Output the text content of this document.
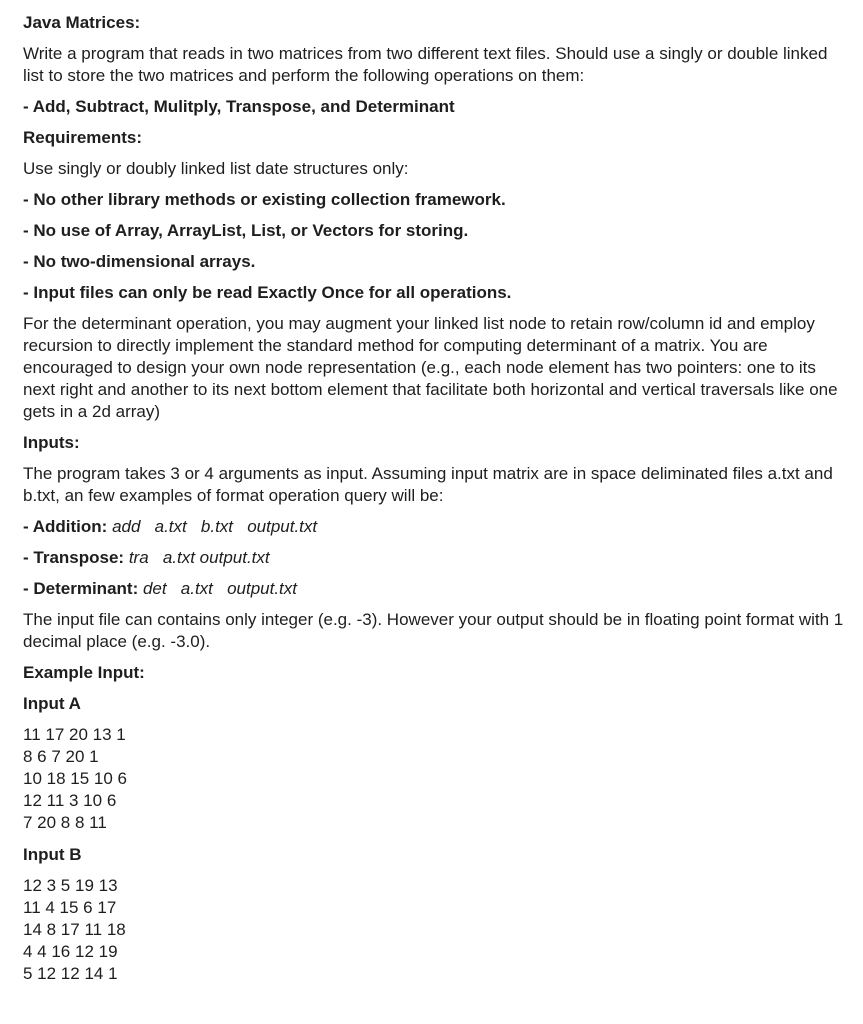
Java Matrices:
Write a program that reads in two matrices from two different text files. Should use a singly or double linked list to store the two matrices and perform the following operations on them:
- Add, Subtract, Mulitply, Transpose, and Determinant
Requirements:
Use singly or doubly linked list date structures only:
- No other library methods or existing collection framework.
- No use of Array, ArrayList, List, or Vectors for storing.
- No two-dimensional arrays.
- Input files can only be read Exactly Once for all operations.
For the determinant operation, you may augment your linked list node to retain row/column id and employ recursion to directly implement the standard method for computing determinant of a matrix. You are encouraged to design your own node representation (e.g., each node element has two pointers: one to its next right and another to its next bottom element that facilitate both horizontal and vertical traversals like one gets in a 2d array)
Inputs:
The program takes 3 or 4 arguments as input. Assuming input matrix are in space deliminated files a.txt and b.txt, an few examples of format operation query will be:
- Addition: add   a.txt   b.txt   output.txt
- Transpose: tra   a.txt output.txt
- Determinant: det   a.txt   output.txt
The input file can contains only integer (e.g. -3). However your output should be in floating point format with 1 decimal place (e.g. -3.0).
Example Input:
Input A
11 17 20 13 1
8 6 7 20 1
10 18 15 10 6
12 11 3 10 6
7 20 8 8 11
Input B
12 3 5 19 13
11 4 15 6 17
14 8 17 11 18
4 4 16 12 19
5 12 12 14 1
